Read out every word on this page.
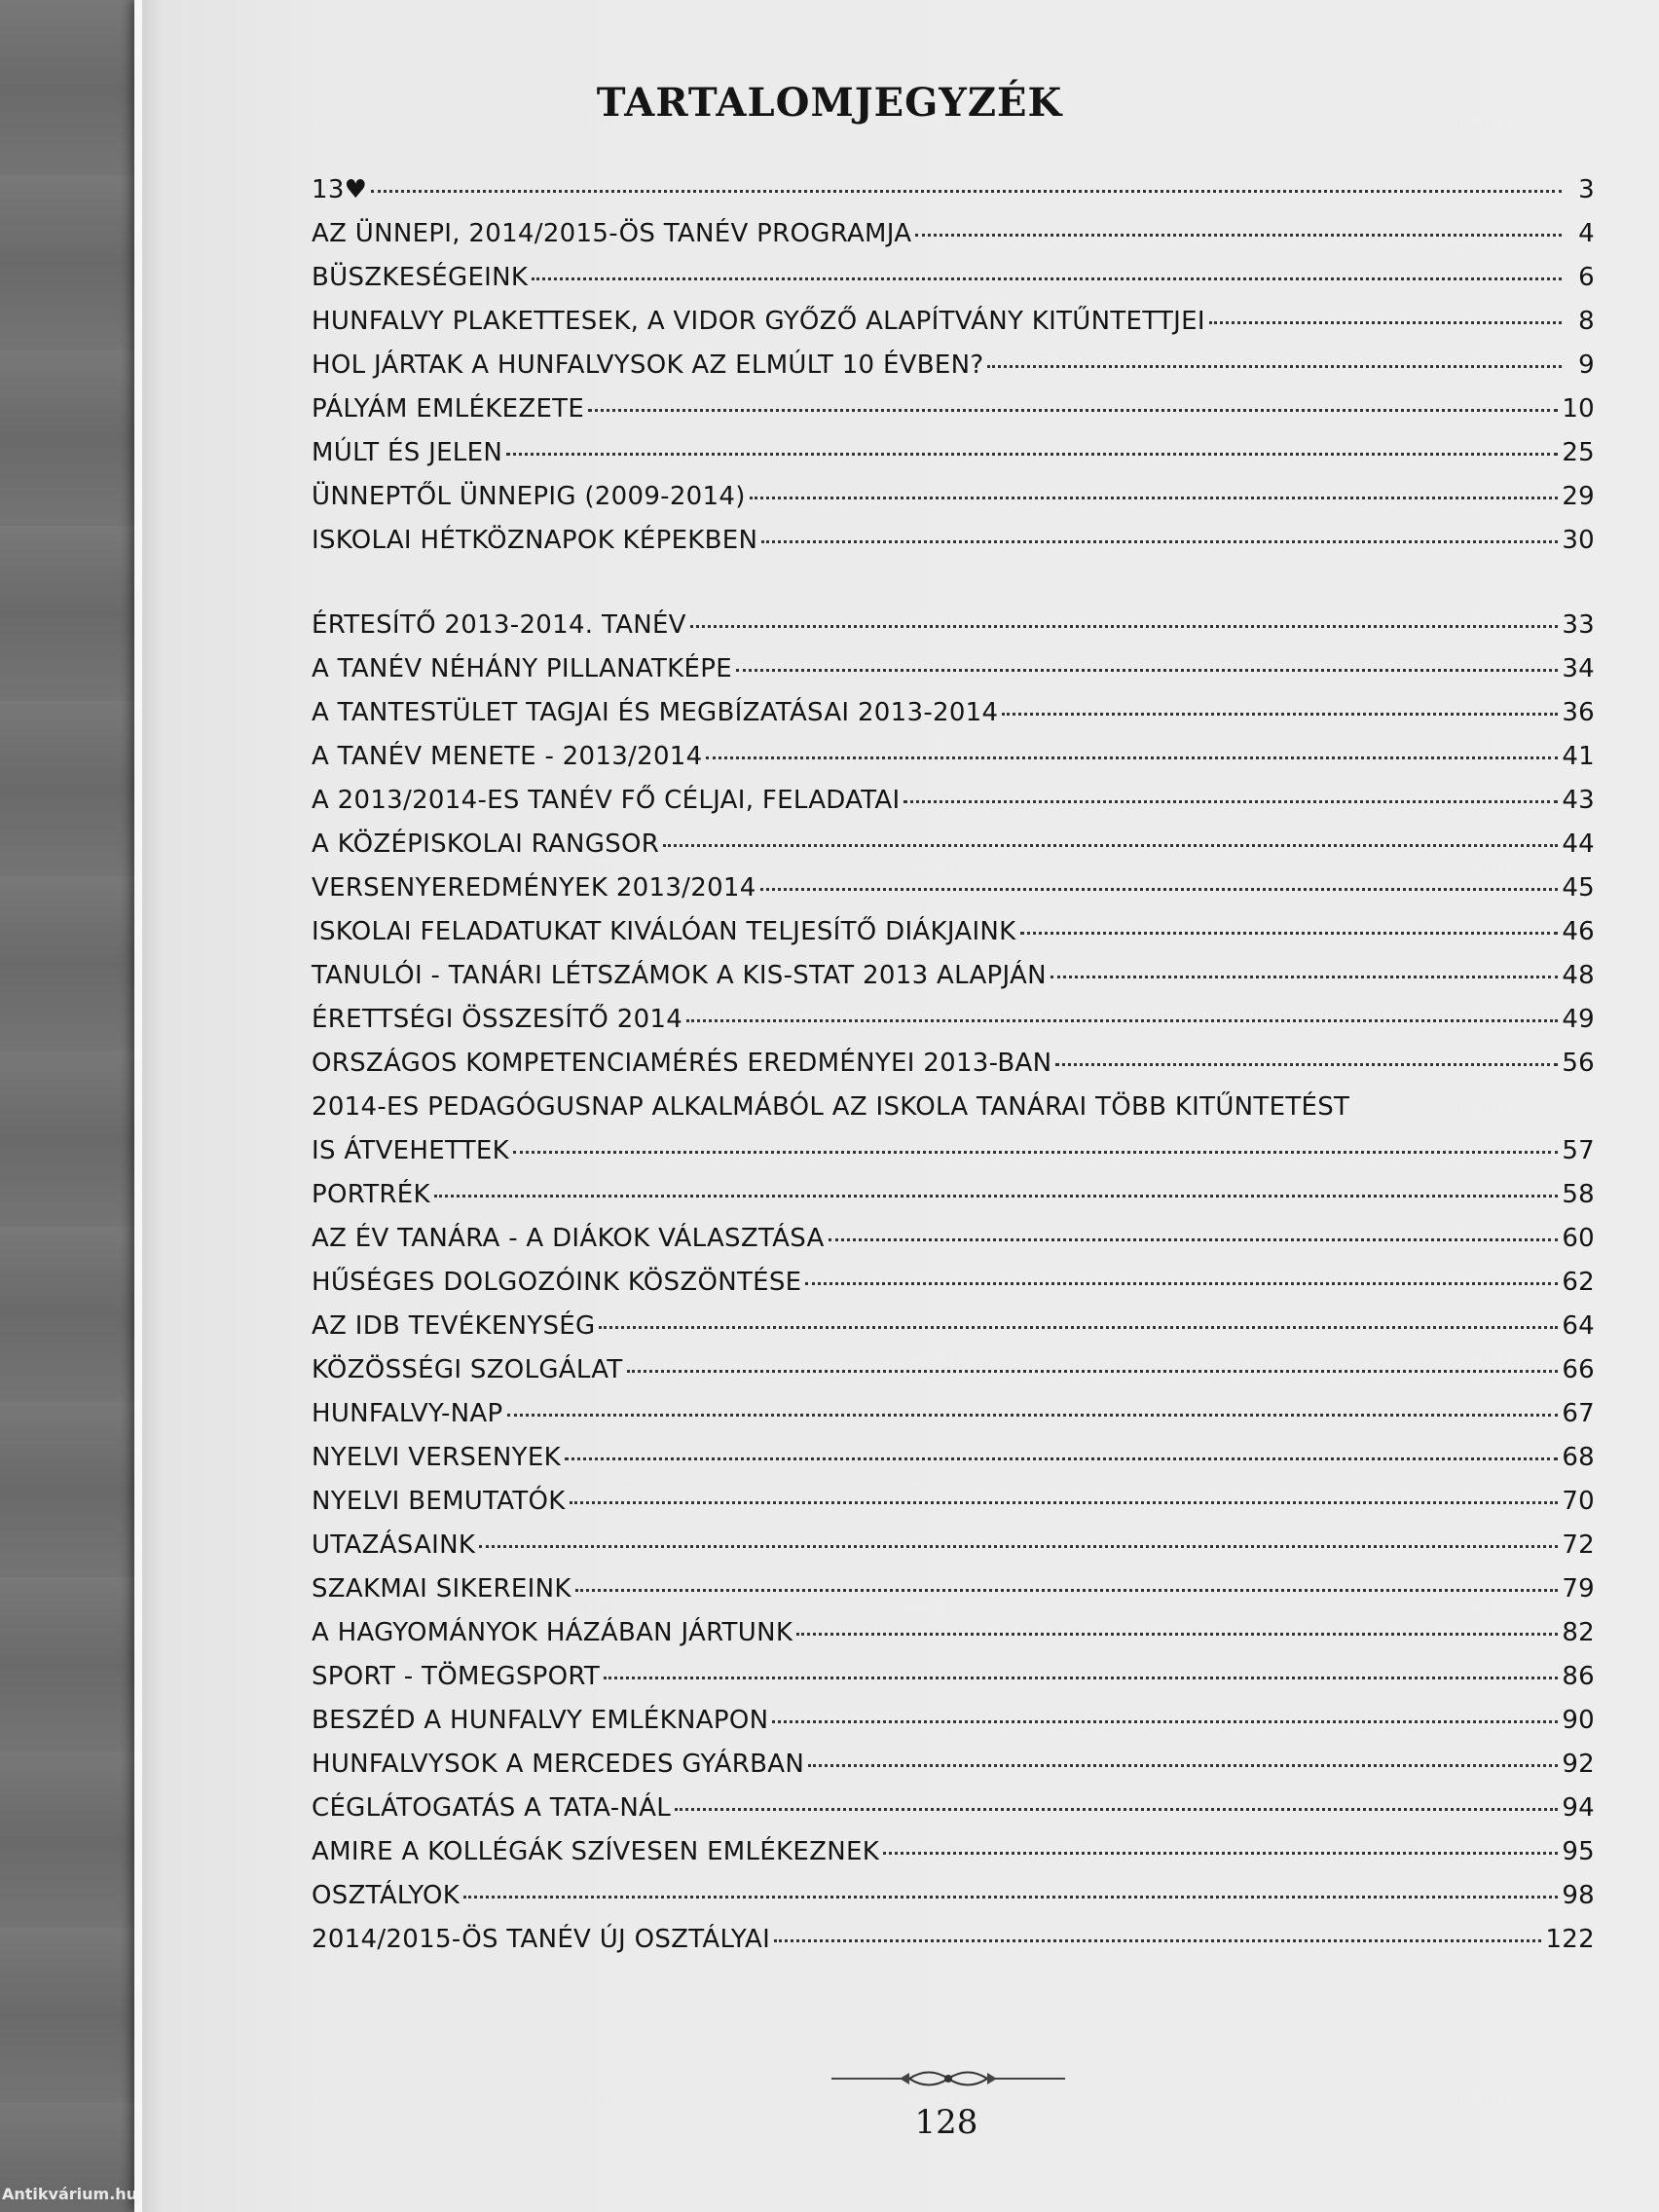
TARTALOMJEGYZÉK
13♥	3
AZ ÜNNEPI, 2014/2015-ÖS TANÉV PROGRAMJA	4
BÜSZKESÉGEINK	6
HUNFALVY PLAKETTESEK, A VIDOR GYŐZŐ ALAPÍTVÁNY KITŰNTETTJEI	8
HOL JÁRTAK A HUNFALVYSOK AZ ELMÚLT 10 ÉVBEN?	9
PÁLYÁM EMLÉKEZETE	10
MÚLT ÉS JELEN	25
ÜNNEPTŐL ÜNNEPIG (2009-2014)	29
ISKOLAI HÉTKÖZNAPOK KÉPEKBEN	30
ÉRTESÍTŐ 2013-2014. TANÉV	33
A TANÉV NÉHÁNY PILLANATKÉPE	34
A TANTESTÜLET TAGJAI ÉS MEGBÍZATÁSAI 2013-2014	36
A TANÉV MENETE - 2013/2014	41
A 2013/2014-ES TANÉV FŐ CÉLJAI, FELADATAI	43
A KÖZÉPISKOLAI RANGSOR	44
VERSENYEREDMÉNYEK 2013/2014	45
ISKOLAI FELADATUKAT KIVÁLÓAN TELJESÍTŐ DIÁKJAINK	46
TANULÓI - TANÁRI LÉTSZÁMOK A KIS-STAT 2013 ALAPJÁN	48
ÉRETTSÉGI ÖSSZESÍTŐ 2014	49
ORSZÁGOS KOMPETENCIAMÉRÉS EREDMÉNYEI 2013-BAN	56
2014-ES PEDAGÓGUSNAP ALKALMÁBÓL AZ ISKOLA TANÁRAI TÖBB KITŰNTETÉST
IS ÁTVEHETTEK	57
PORTRÉK	58
AZ ÉV TANÁRA - A DIÁKOK VÁLASZTÁSA	60
HŰSÉGES DOLGOZÓINK KÖSZÖNTÉSE	62
AZ IDB TEVÉKENYSÉG	64
KÖZÖSSÉGI SZOLGÁLAT	66
HUNFALVY-NAP	67
NYELVI VERSENYEK	68
NYELVI BEMUTATÓK	70
UTAZÁSAINK	72
SZAKMAI SIKEREINK	79
A HAGYOMÁNYOK HÁZÁBAN JÁRTUNK	82
SPORT - TÖMEGSPORT	86
BESZÉD A HUNFALVY EMLÉKNAPON	90
HUNFALVYSOK A MERCEDES GYÁRBAN	92
CÉGLÁTOGATÁS A TATA-NÁL	94
AMIRE A KOLLÉGÁK SZÍVESEN EMLÉKEZNEK	95
OSZTÁLYOK	98
2014/2015-ÖS TANÉV ÚJ OSZTÁLYAI	122
128
Antikvárium.hu
